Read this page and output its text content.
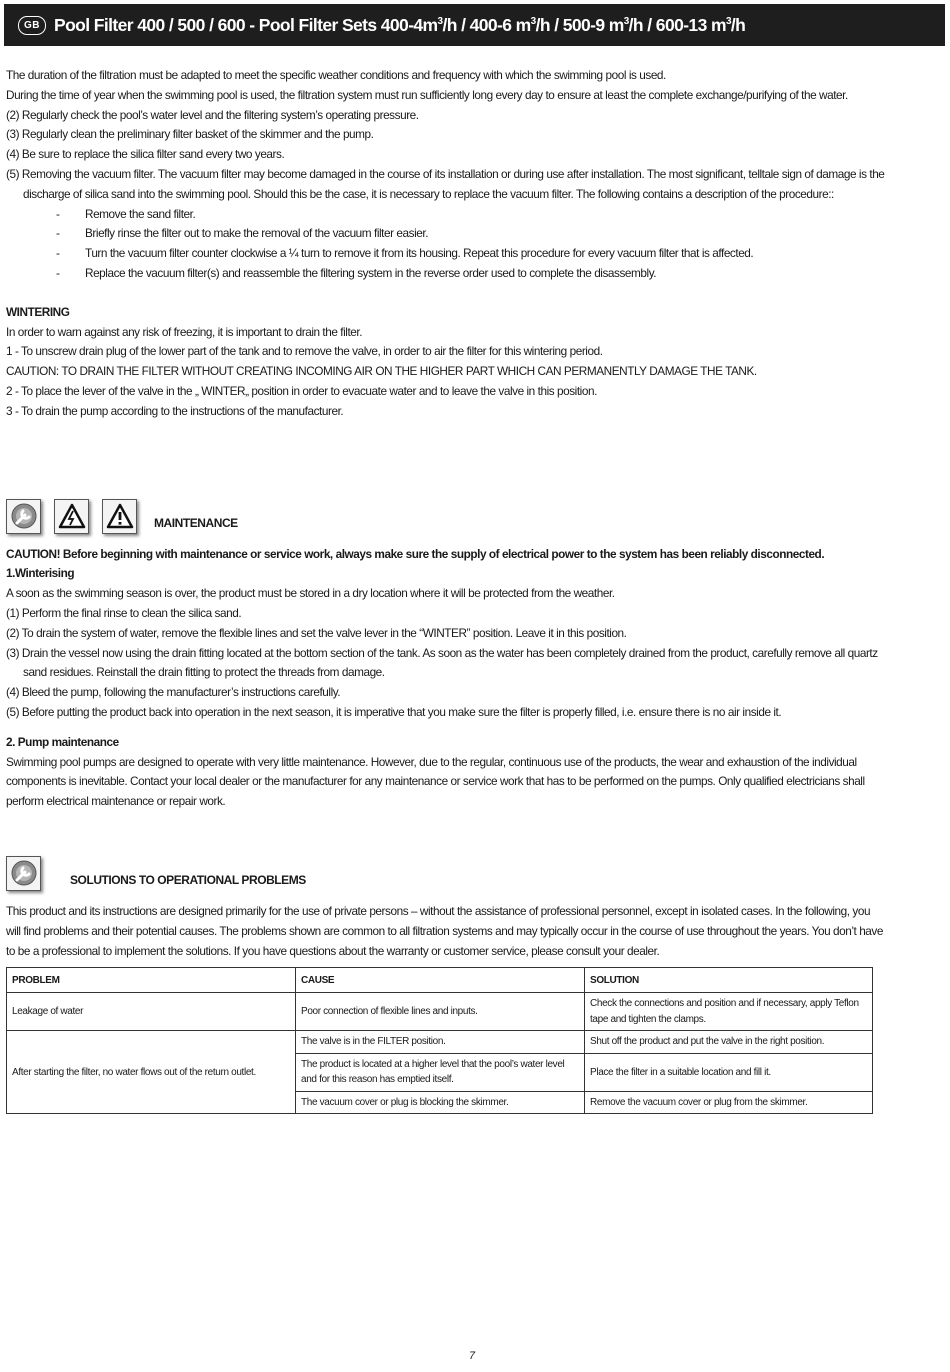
GB Pool Filter 400 / 500 / 600 - Pool Filter Sets $400-4m^3/h / 400-6$ $m^3/h / 500-9$ $m^3/h / 600-13$ $m^3/h$

The duration of the filtration must be adapted to meet the specific weather conditions and frequency with which the swimming pool is used.

During the time of year when the swimming pool is used, the filtration system must run sufficiently long every day to ensure at least the complete exchange/purifying of the water.

(2) Regularly check the pool’s water level and the filtering system’s operating pressure.

(3) Regularly clean the preliminary filter basket of the skimmer and the pump.

(4) Be sure to replace the silica filter sand every two years.

(5) Removing the vacuum filter. The vacuum filter may become damaged in the course of its installation or during use after installation. The most significant, telltale sign of damage is the discharge of silica sand into the swimming pool. Should this be the case, it is necessary to replace the vacuum filter. The following contains a description of the procedure::

- Remove the sand filter.

- Briefly rinse the filter out to make the removal of the vacuum filter easier.

- Turn the vacuum filter counter clockwise a ¼ turn to remove it from its housing. Repeat this procedure for every vacuum filter that is affected.

- Replace the vacuum filter(s) and reassemble the filtering system in the reverse order used to complete the disassembly.

WINTERING

In order to warn against any risk of freezing, it is important to drain the filter.

1 - To unscrew drain plug of the lower part of the tank and to remove the valve, in order to air the filter for this wintering period.

CAUTION: TO DRAIN THE FILTER WITHOUT CREATING INCOMING AIR ON THE HIGHER PART WHICH CAN PERMANENTLY DAMAGE THE TANK.

2 - To place the lever of the valve in the „ WINTER„ position in order to evacuate water and to leave the valve in this position.

3 - To drain the pump according to the instructions of the manufacturer.

MAINTENANCE

CAUTION! Before beginning with maintenance or service work, always make sure the supply of electrical power to the system has been reliably disconnected.

1.Winterising

A soon as the swimming season is over, the product must be stored in a dry location where it will be protected from the weather.

(1) Perform the final rinse to clean the silica sand.

(2) To drain the system of water, remove the flexible lines and set the valve lever in the “WINTER” position. Leave it in this position.

(3) Drain the vessel now using the drain fitting located at the bottom section of the tank. As soon as the water has been completely drained from the product, carefully remove all quartz sand residues. Reinstall the drain fitting to protect the threads from damage.

(4) Bleed the pump, following the manufacturer’s instructions carefully.

(5) Before putting the product back into operation in the next season, it is imperative that you make sure the filter is properly filled, i.e. ensure there is no air inside it.

2. Pump maintenance

Swimming pool pumps are designed to operate with very little maintenance. However, due to the regular, continuous use of the products, the wear and exhaustion of the individual components is inevitable. Contact your local dealer or the manufacturer for any maintenance or service work that has to be performed on the pumps. Only qualified electricians shall perform electrical maintenance or repair work.

SOLUTIONS TO OPERATIONAL PROBLEMS

This product and its instructions are designed primarily for the use of private persons – without the assistance of professional personnel, except in isolated cases. In the following, you will find problems and their potential causes. The problems shown are common to all filtration systems and may typically occur in the course of use throughout the years. You don’t have to be a professional to implement the solutions. If you have questions about the warranty or customer service, please consult your dealer.

PROBLEM	CAUSE	SOLUTION
Leakage of water	Poor connection of flexible lines and inputs.	Check the connections and position and if necessary, apply Teflon tape and tighten the clamps.
After starting the filter, no water flows out of the return outlet.	The valve is in the FILTER position.	Shut off the product and put the valve in the right position.
	The product is located at a higher level that the pool’s water level and for this reason has emptied itself.	Place the filter in a suitable location and fill it.
	The vacuum cover or plug is blocking the skimmer.	Remove the vacuum cover or plug from the skimmer.
7
